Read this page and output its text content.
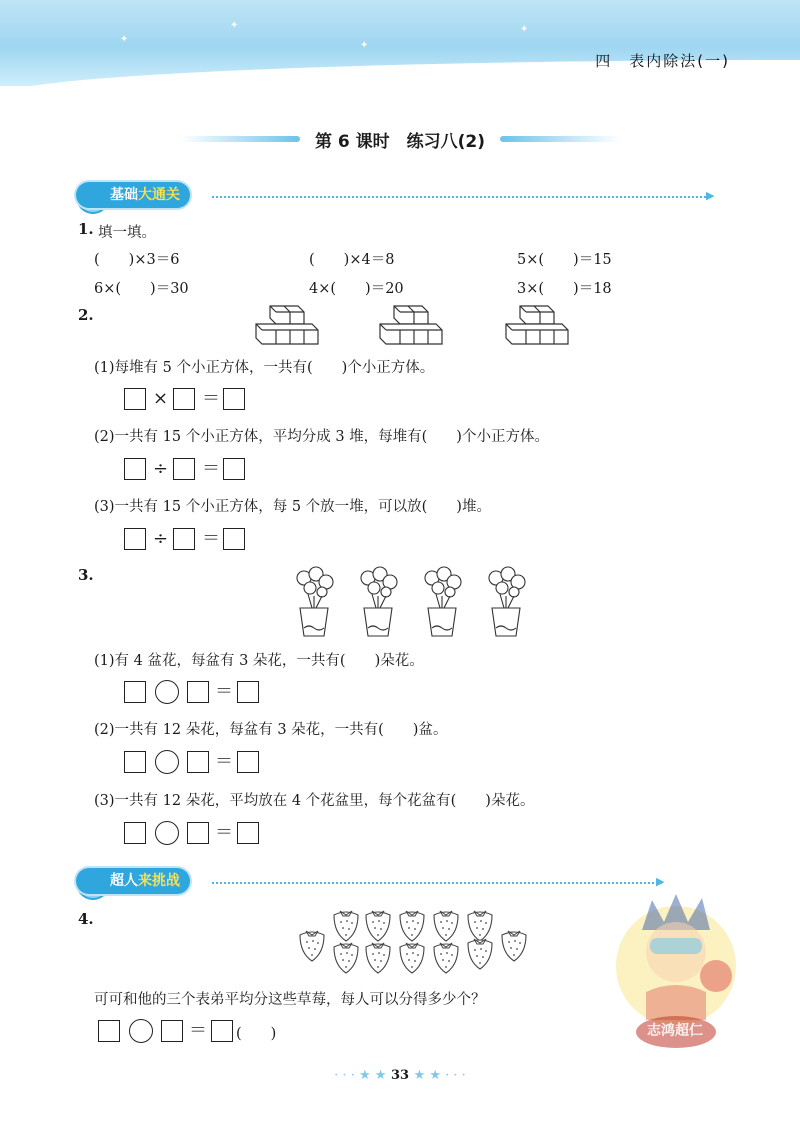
✦
✦
✦
✦
四　表内除法(一)
第 6 课时　练习八(2)
基础大通关	▶
1. 填一填。
(　　)×3＝6	(　　)×4＝8	5×(　　)＝15
6×(　　)＝30	4×(　　)＝20	3×(　　)＝18
2.
(1)每堆有 5 个小正方体，一共有(　　)个小正方体。
× ＝
(2)一共有 15 个小正方体，平均分成 3 堆，每堆有(　　)个小正方体。
÷ ＝
(3)一共有 15 个小正方体，每 5 个放一堆，可以放(　　)堆。
÷ ＝
3.
(1)有 4 盆花，每盆有 3 朵花，一共有(　　)朵花。
＝
(2)一共有 12 朵花，每盆有 3 朵花，一共有(　　)盆。
＝
(3)一共有 12 朵花，平均放在 4 个花盆里，每个花盆有(　　)朵花。
＝
超人来挑战	▶
志鸿超仁
4.
可可和他的三个表弟平均分这些草莓，每人可以分得多少个？
＝ (　　)
· · · ★ ★ 33 ★ ★ · · ·
